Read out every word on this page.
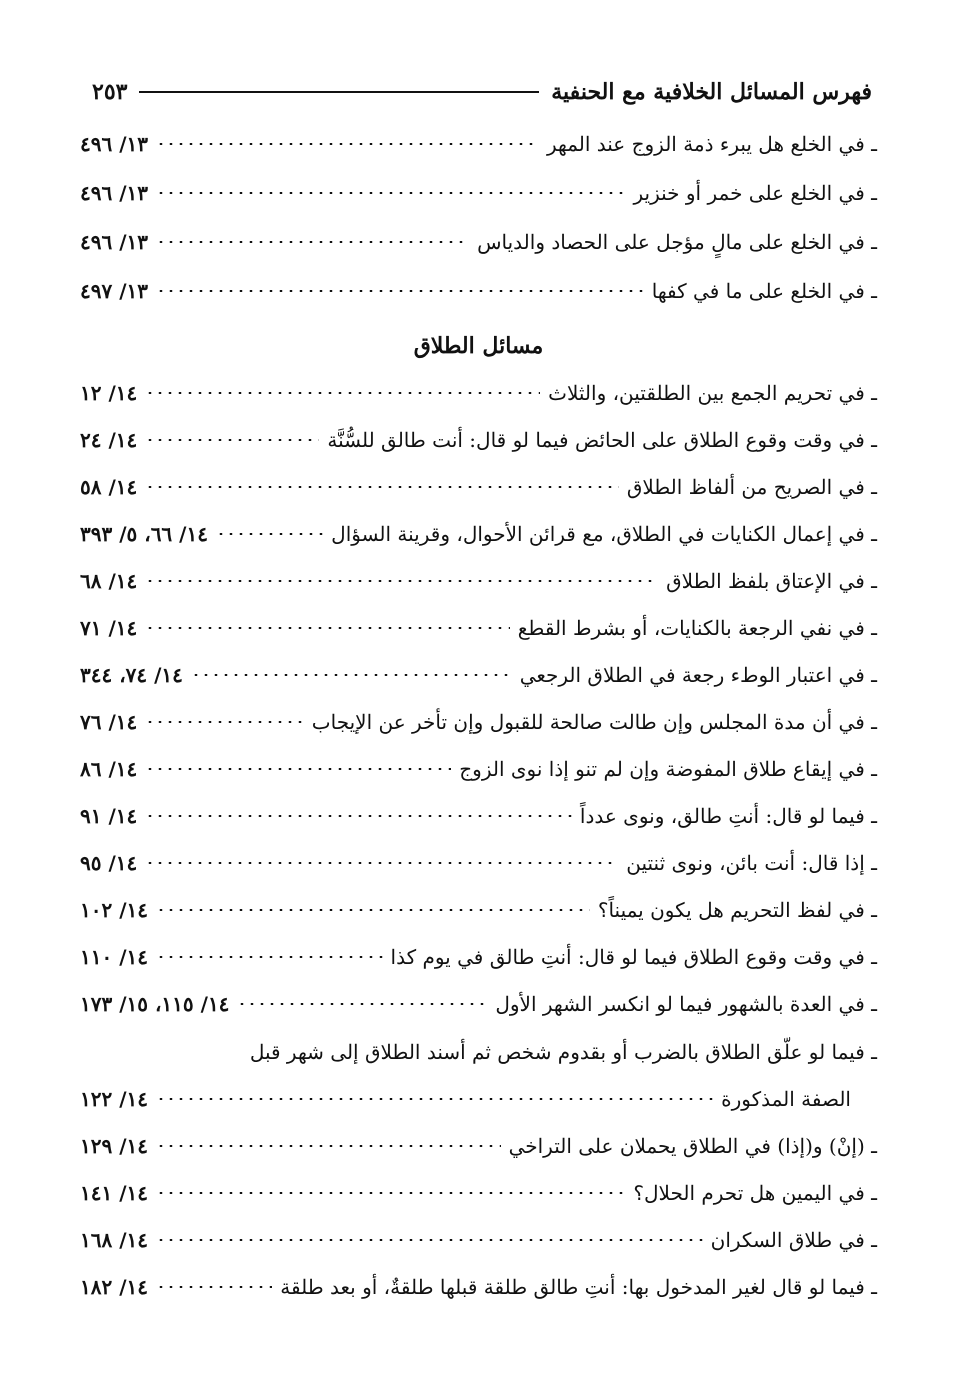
فهرس المسائل الخلافية مع الحنفية
٢٥٣
ـ في الخلع هل يبرء ذمة الزوج عند المهر
١٣/ ٤٩٦
ـ في الخلع على خمر أو خنزير
١٣/ ٤٩٦
ـ في الخلع على مالٍ مؤجل على الحصاد والدياس
١٣/ ٤٩٦
ـ في الخلع على ما في كفها
١٣/ ٤٩٧
مسائل الطلاق
ـ في تحريم الجمع بين الطلقتين، والثلاث
١٤/ ١٢
ـ في وقت وقوع الطلاق على الحائض فيما لو قال: أنت طالق للسُّنَّة
١٤/ ٢٤
ـ في الصريح من ألفاظ الطلاق
١٤/ ٥٨
ـ في إعمال الكنايات في الطلاق، مع قرائن الأحوال، وقرينة السؤال
١٤/ ٦٦، ٥/ ٣٩٣
ـ في الإعتاق بلفظ الطلاق
١٤/ ٦٨
ـ في نفي الرجعة بالكنايات، أو بشرط القطع
١٤/ ٧١
ـ في اعتبار الوطء رجعة في الطلاق الرجعي
١٤/ ٧٤، ٣٤٤
ـ في أن مدة المجلس وإن طالت صالحة للقبول وإن تأخر عن الإيجاب
١٤/ ٧٦
ـ في إيقاع طلاق المفوضة وإن لم تنو إذا نوى الزوج
١٤/ ٨٦
ـ فيما لو قال: أنتِ طالق، ونوى عدداً
١٤/ ٩١
ـ إذا قال: أنت بائن، ونوى ثنتين
١٤/ ٩٥
ـ في لفظ التحريم هل يكون يميناً؟
١٤/ ١٠٢
ـ في وقت وقوع الطلاق فيما لو قال: أنتِ طالق في يوم كذا
١٤/ ١١٠
ـ في العدة بالشهور فيما لو انكسر الشهر الأول
١٤/ ١١٥، ١٥/ ١٧٣
ـ فيما لو علّق الطلاق بالضرب أو بقدوم شخص ثم أسند الطلاق إلى شهر قبل
الصفة المذكورة
١٤/ ١٢٢
ـ (إنْ) و(إذا) في الطلاق يحملان على التراخي
١٤/ ١٢٩
ـ في اليمين هل تحرم الحلال؟
١٤/ ١٤١
ـ في طلاق السكران
١٤/ ١٦٨
ـ فيما لو قال لغير المدخول بها: أنتِ طالق طلقة قبلها طلقةٌ، أو بعد طلقة
١٤/ ١٨٢
